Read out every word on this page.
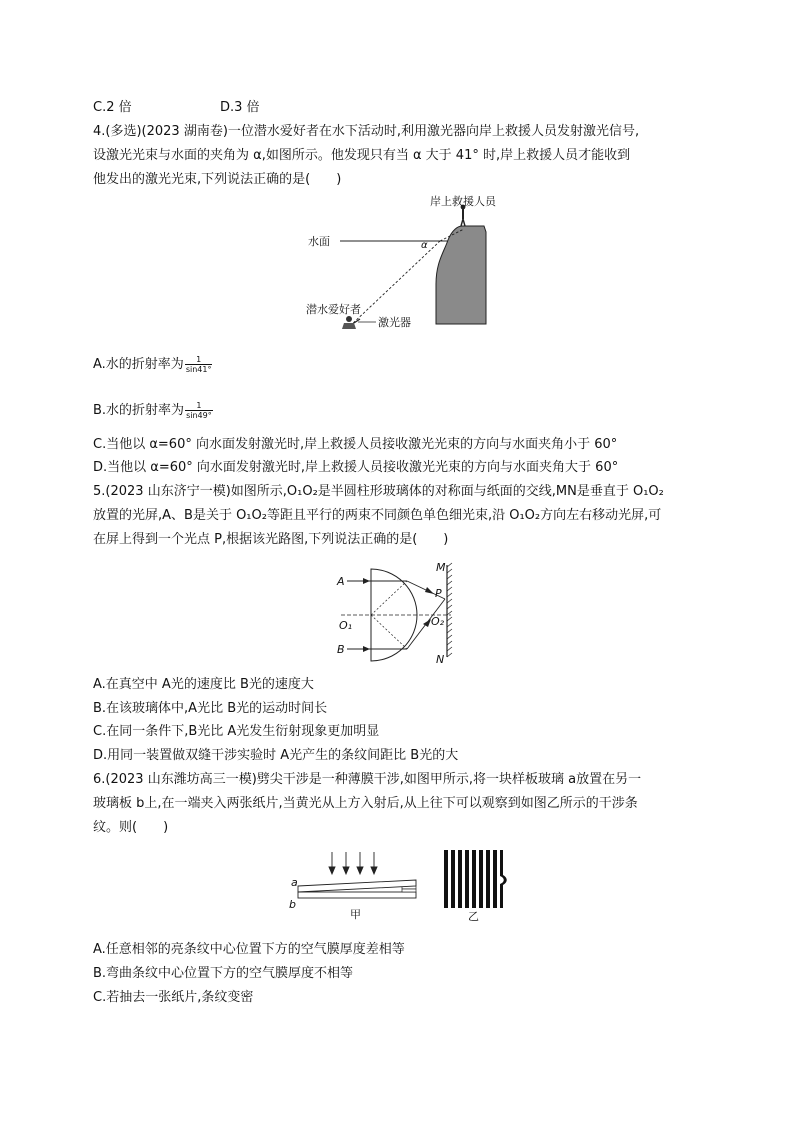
C.2 倍	D.3 倍
4.(多选)(2023 湖南卷)一位潜水爱好者在水下活动时,利用激光器向岸上救援人员发射激光信号,
设激光光束与水面的夹角为 α,如图所示。他发现只有当 α 大于 41° 时,岸上救援人员才能收到
他发出的激光光束,下列说法正确的是(　　)
岸上救援人员
水面	α
潜水爱好者
激光器
A.水的折射率为 $\frac{1}{\sin 41^\circ}$
B.水的折射率为 $\frac{1}{\sin 49^\circ}$
C.当他以 α=60° 向水面发射激光时,岸上救援人员接收激光光束的方向与水面夹角小于 60°
D.当他以 α=60° 向水面发射激光时,岸上救援人员接收激光光束的方向与水面夹角大于 60°
5.(2023 山东济宁一模)如图所示,O₁O₂是半圆柱形玻璃体的对称面与纸面的交线,MN是垂直于 O₁O₂
放置的光屏,A、B是关于 O₁O₂等距且平行的两束不同颜色单色细光束,沿 O₁O₂方向左右移动光屏,可
在屏上得到一个光点 P,根据该光路图,下列说法正确的是(　　)
A
B
O₁	O₂
M
P
N
A.在真空中 A光的速度比 B光的速度大
B.在该玻璃体中,A光比 B光的运动时间长
C.在同一条件下,B光比 A光发生衍射现象更加明显
D.用同一装置做双缝干涉实验时 A光产生的条纹间距比 B光的大
6.(2023 山东潍坊高三一模)劈尖干涉是一种薄膜干涉,如图甲所示,将一块样板玻璃 a放置在另一
玻璃板 b上,在一端夹入两张纸片,当黄光从上方入射后,从上往下可以观察到如图乙所示的干涉条
纹。则(　　)
a
b
甲	乙
A.任意相邻的亮条纹中心位置下方的空气膜厚度差相等
B.弯曲条纹中心位置下方的空气膜厚度不相等
C.若抽去一张纸片,条纹变密
